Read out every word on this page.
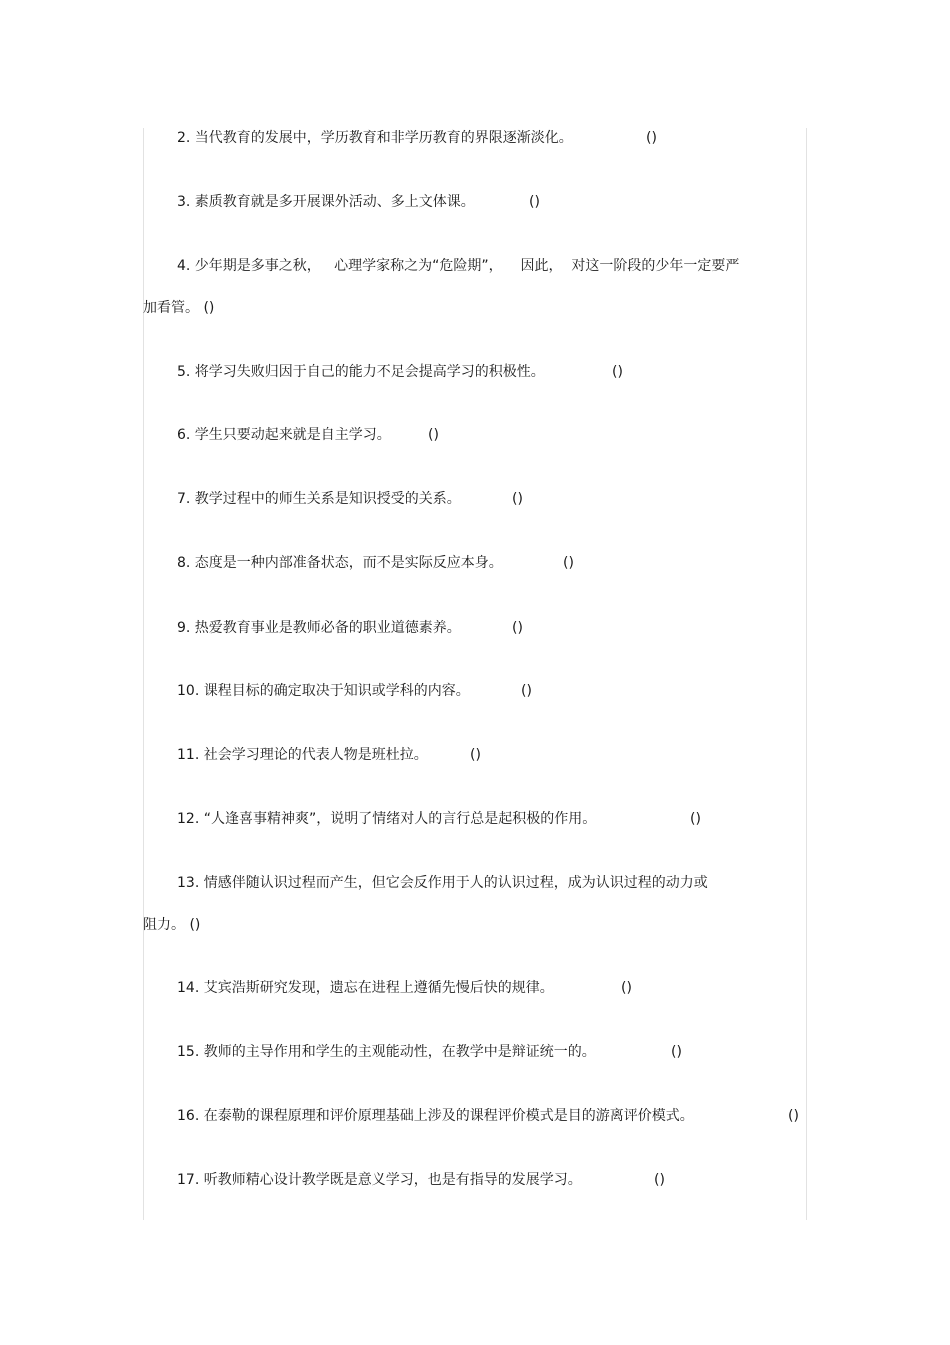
2. 当代教育的发展中，学历教育和非学历教育的界限逐渐淡化。	()
3. 素质教育就是多开展课外活动、多上文体课。	()
4. 少年期是多事之秋，   心理学家称之为“危险期”，    因此，  对这一阶段的少年一定要严
加看管。 ()
5. 将学习失败归因于自己的能力不足会提高学习的积极性。	()
6. 学生只要动起来就是自主学习。	()
7. 教学过程中的师生关系是知识授受的关系。	()
8. 态度是一种内部准备状态，而不是实际反应本身。	()
9. 热爱教育事业是教师必备的职业道德素养。	()
10. 课程目标的确定取决于知识或学科的内容。	()
11. 社会学习理论的代表人物是班杜拉。	()
12. “人逢喜事精神爽”，说明了情绪对人的言行总是起积极的作用。	()
13. 情感伴随认识过程而产生，但它会反作用于人的认识过程，成为认识过程的动力或
阻力。 ()
14. 艾宾浩斯研究发现，遗忘在进程上遵循先慢后快的规律。	()
15. 教师的主导作用和学生的主观能动性，在教学中是辩证统一的。	()
16. 在泰勒的课程原理和评价原理基础上涉及的课程评价模式是目的游离评价模式。	()
17. 听教师精心设计教学既是意义学习，也是有指导的发展学习。	()
